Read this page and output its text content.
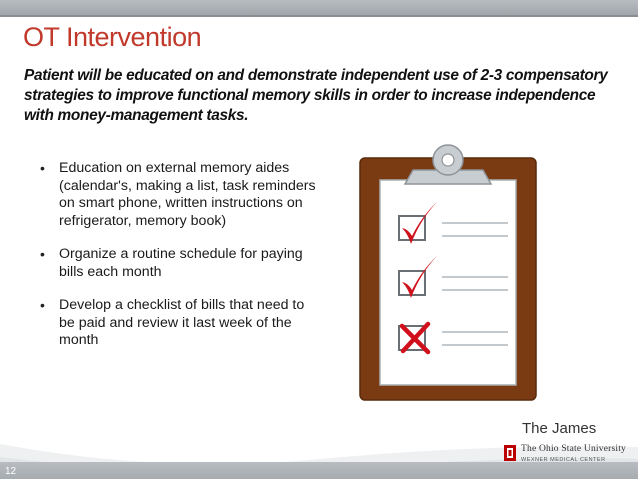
OT Intervention

Patient will be educated on and demonstrate independent use of 2-3 compensatory strategies to improve functional memory skills in order to increase independence with money-management tasks.

• Education on external memory aides (calendar's, making a list, task reminders on smart phone, written instructions on refrigerator, memory book)
• Organize a routine schedule for paying bills each month
• Develop a checklist of bills that need to be paid and review it last week of the month
12
The James
The Ohio State University
WEXNER MEDICAL CENTER
